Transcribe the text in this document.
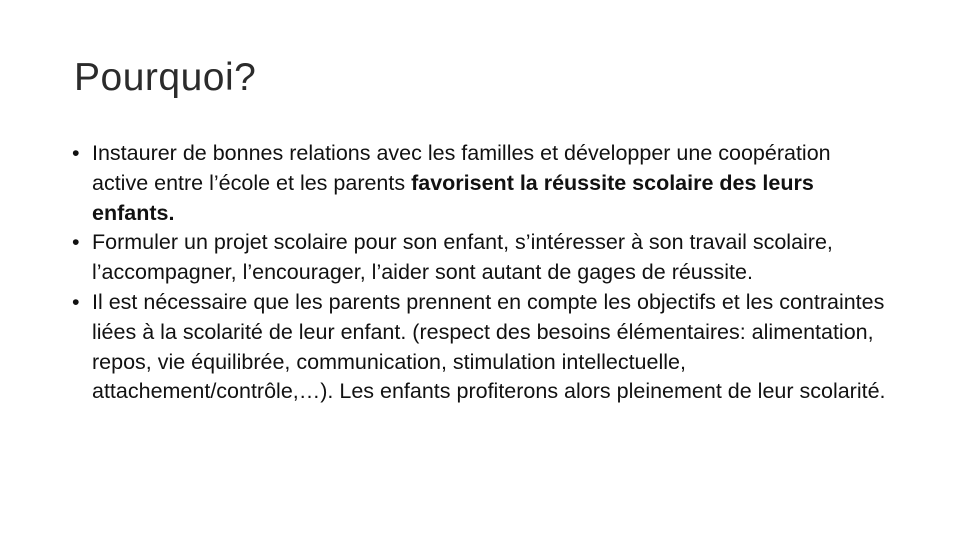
Pourquoi?
• Instaurer de bonnes relations avec les familles et développer une coopération active entre l’école et les parents favorisent la réussite scolaire des leurs enfants.
• Formuler un projet scolaire pour son enfant, s’intéresser à son travail scolaire, l’accompagner, l’encourager, l’aider sont autant de gages de réussite.
• Il est nécessaire que les parents prennent en compte les objectifs et les contraintes liées à la scolarité de leur enfant. (respect des besoins élémentaires: alimentation, repos, vie équilibrée, communication, stimulation intellectuelle, attachement/contrôle,…). Les enfants profiterons alors pleinement de leur scolarité.
